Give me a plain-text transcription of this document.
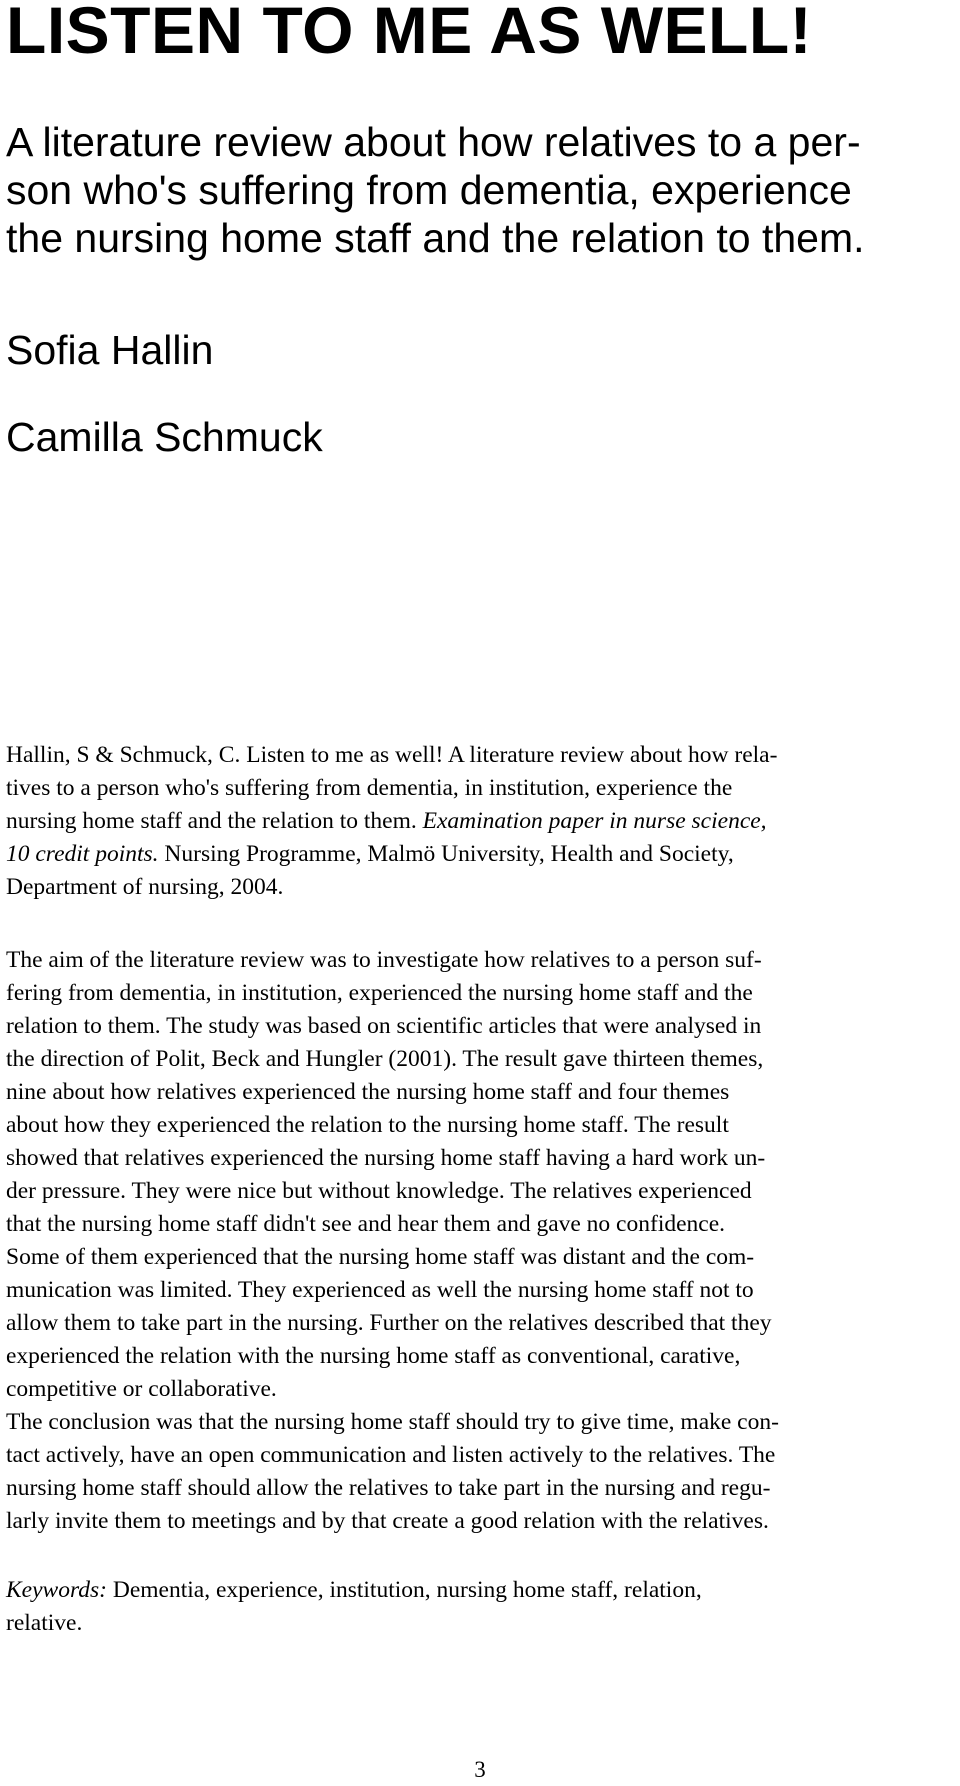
LISTEN TO ME AS WELL!
A literature review about how relatives to a per-
son who's suffering from dementia, experience
the nursing home staff and the relation to them.

Sofia Hallin

Camilla Schmuck

Hallin, S & Schmuck, C. Listen to me as well! A literature review about how rela-
tives to a person who's suffering from dementia, in institution, experience the
nursing home staff and the relation to them. Examination paper in nurse science,
10 credit points. Nursing Programme, Malmö University, Health and Society,
Department of nursing, 2004.
The aim of the literature review was to investigate how relatives to a person suf-
fering from dementia, in institution, experienced the nursing home staff and the
relation to them. The study was based on scientific articles that were analysed in
the direction of Polit, Beck and Hungler (2001). The result gave thirteen themes,
nine about how relatives experienced the nursing home staff and four themes
about how they experienced the relation to the nursing home staff. The result
showed that relatives experienced the nursing home staff having a hard work un-
der pressure. They were nice but without knowledge. The relatives experienced
that the nursing home staff didn't see and hear them and gave no confidence.
Some of them experienced that the nursing home staff was distant and the com-
munication was limited. They experienced as well the nursing home staff not to
allow them to take part in the nursing. Further on the relatives described that they
experienced the relation with the nursing home staff as conventional, carative,
competitive or collaborative.
The conclusion was that the nursing home staff should try to give time, make con-
tact actively, have an open communication and listen actively to the relatives. The
nursing home staff should allow the relatives to take part in the nursing and regu-
larly invite them to meetings and by that create a good relation with the relatives.
Keywords: Dementia, experience, institution, nursing home staff, relation,
relative.

3
